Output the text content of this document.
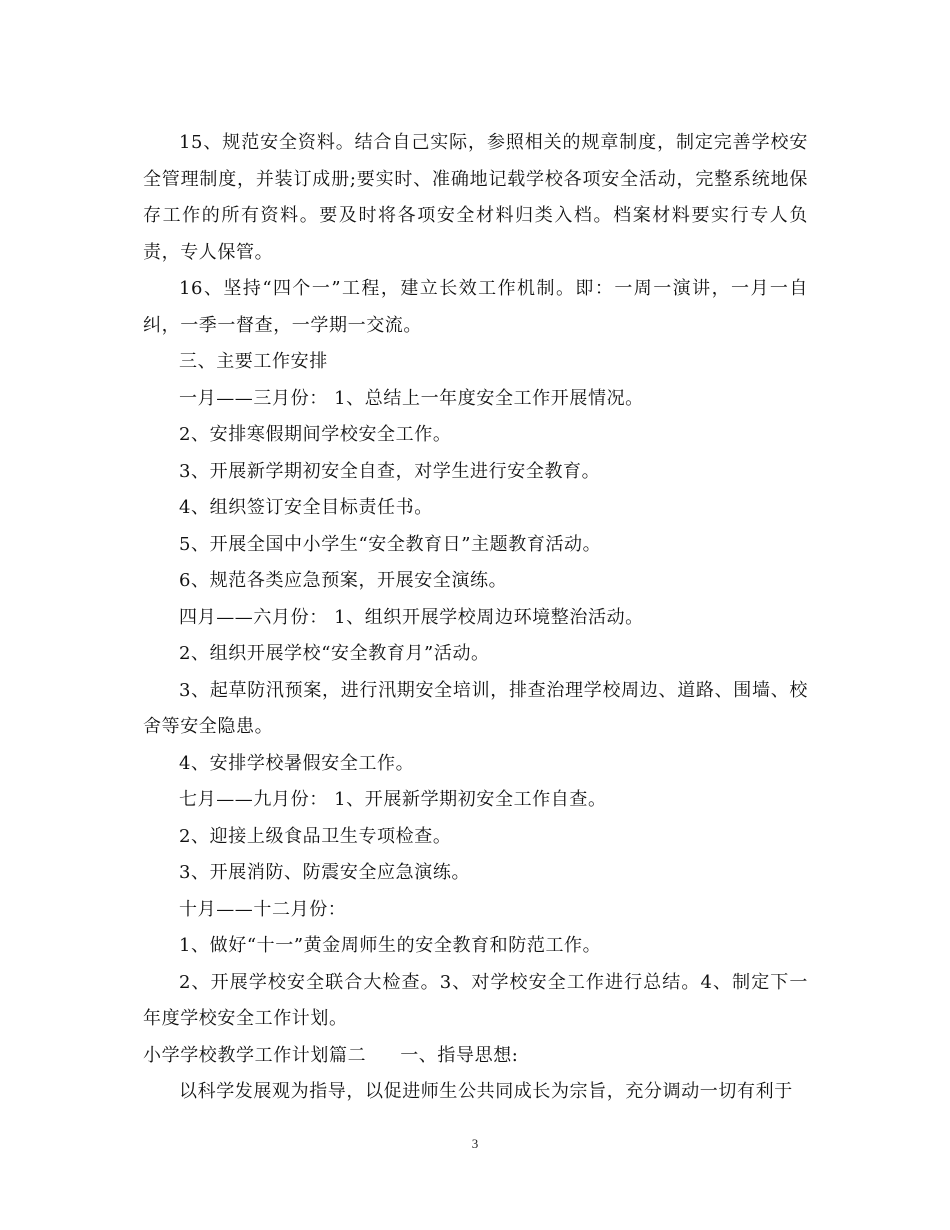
15、规范安全资料。结合自己实际，参照相关的规章制度，制定完善学校安全管理制度，并装订成册;要实时、准确地记载学校各项安全活动，完整系统地保存工作的所有资料。要及时将各项安全材料归类入档。档案材料要实行专人负责，专人保管。

16、坚持“四个一”工程，建立长效工作机制。即：一周一演讲，一月一自纠，一季一督查，一学期一交流。

三、主要工作安排

一月——三月份： 1、总结上一年度安全工作开展情况。

2、安排寒假期间学校安全工作。

3、开展新学期初安全自查，对学生进行安全教育。

4、组织签订安全目标责任书。

5、开展全国中小学生“安全教育日”主题教育活动。

6、规范各类应急预案，开展安全演练。

四月——六月份： 1、组织开展学校周边环境整治活动。

2、组织开展学校“安全教育月”活动。

3、起草防汛预案，进行汛期安全培训，排查治理学校周边、道路、围墙、校舍等安全隐患。

4、安排学校暑假安全工作。

七月——九月份： 1、开展新学期初安全工作自查。

2、迎接上级食品卫生专项检查。

3、开展消防、防震安全应急演练。

十月——十二月份：

1、做好“十一”黄金周师生的安全教育和防范工作。

2、开展学校安全联合大检查。3、对学校安全工作进行总结。4、制定下一年度学校安全工作计划。

小学学校教学工作计划篇二 一、指导思想:

以科学发展观为指导，以促进师生公共同成长为宗旨，充分调动一切有利于

3
